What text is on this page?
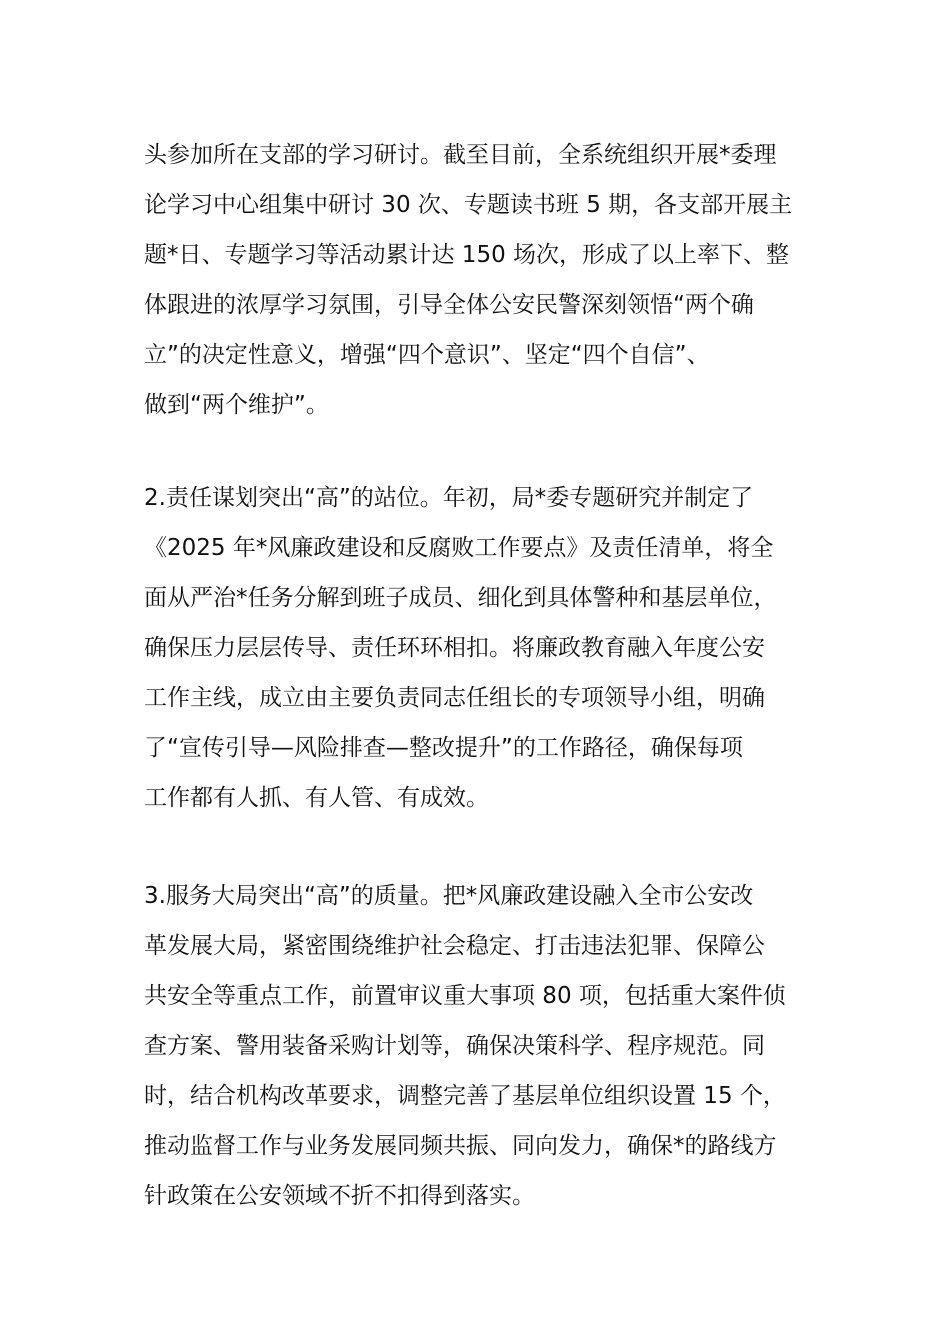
头参加所在支部的学习研讨。截至目前，全系统组织开展*委理
论学习中心组集中研讨 30 次、专题读书班 5 期，各支部开展主
题*日、专题学习等活动累计达 150 场次，形成了以上率下、整
体跟进的浓厚学习氛围，引导全体公安民警深刻领悟“两个确
立”的决定性意义，增强“四个意识”、坚定“四个自信”、
做到“两个维护”。
2.责任谋划突出“高”的站位。年初，局*委专题研究并制定了
《2025 年*风廉政建设和反腐败工作要点》及责任清单，将全
面从严治*任务分解到班子成员、细化到具体警种和基层单位，
确保压力层层传导、责任环环相扣。将廉政教育融入年度公安
工作主线，成立由主要负责同志任组长的专项领导小组，明确
了“宣传引导—风险排查—整改提升”的工作路径，确保每项
工作都有人抓、有人管、有成效。
3.服务大局突出“高”的质量。把*风廉政建设融入全市公安改
革发展大局，紧密围绕维护社会稳定、打击违法犯罪、保障公
共安全等重点工作，前置审议重大事项 80 项，包括重大案件侦
查方案、警用装备采购计划等，确保决策科学、程序规范。同
时，结合机构改革要求，调整完善了基层单位组织设置 15 个，
推动监督工作与业务发展同频共振、同向发力，确保*的路线方
针政策在公安领域不折不扣得到落实。
